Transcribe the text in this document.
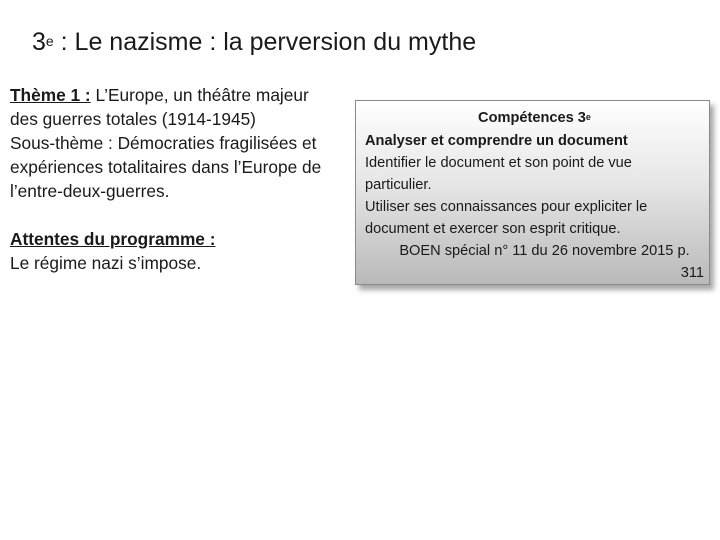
3e : Le nazisme : la perversion du mythe
Thème 1 : L’Europe, un théâtre majeur
des guerres totales (1914-1945)
Sous-thème : Démocraties fragilisées et
expériences totalitaires dans l’Europe de
l’entre-deux-guerres.
Attentes du programme :
Le régime nazi s’impose.
Compétences 3e
Analyser et comprendre un document
Identifier le document et son point de vue
particulier.
Utiliser ses connaissances pour expliciter le
document et exercer son esprit critique.
BOEN spécial n° 11 du 26 novembre 2015 p.
311
